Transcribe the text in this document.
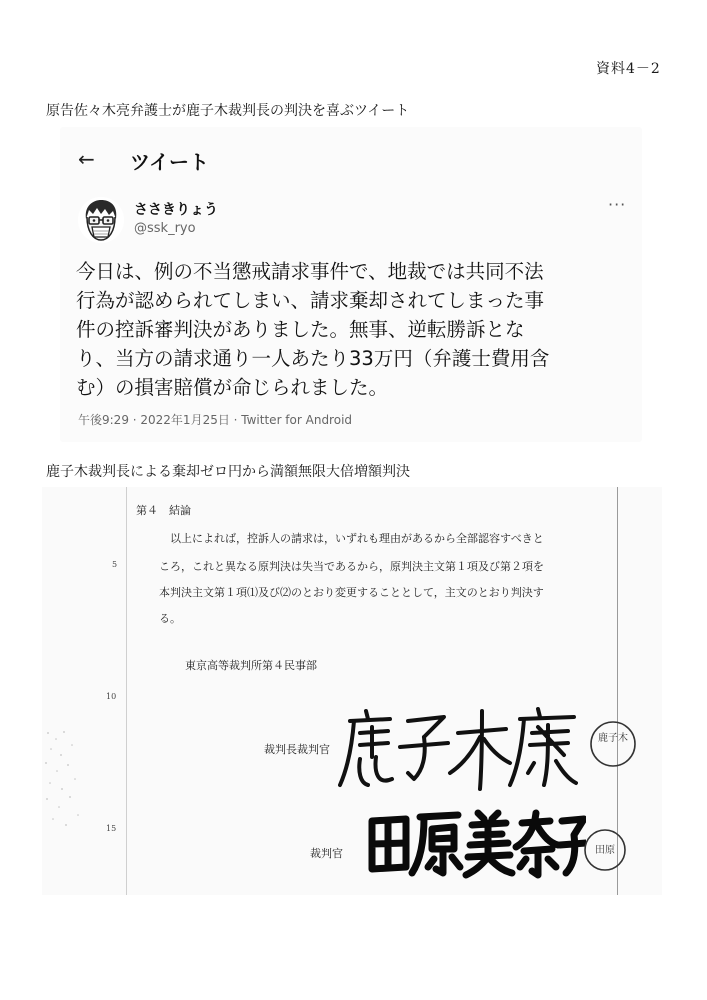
資料4－2
原告佐々木亮弁護士が鹿子木裁判長の判決を喜ぶツイート
← ツイート
ささきりょう
@ssk_ryo
···
今日は、例の不当懲戒請求事件で、地裁では共同不法
行為が認められてしまい、請求棄却されてしまった事
件の控訴審判決がありました。無事、逆転勝訴とな
り、当方の請求通り一人あたり33万円（弁護士費用含
む）の損害賠償が命じられました。
午後9:29 · 2022年1月25日 · Twitter for Android
鹿子木裁判長による棄却ゼロ円から満額無限大倍増額判決
5
10
15
第４　結論
以上によれば，控訴人の請求は，いずれも理由があるから全部認容すべきと
ころ，これと異なる原判決は失当であるから，原判決主文第１項及び第２項を
本判決主文第１項⑴及び⑵のとおり変更することとして，主文のとおり判決す
る。
東京高等裁判所第４民事部
裁判長裁判官
鹿子木
裁判官	田原
